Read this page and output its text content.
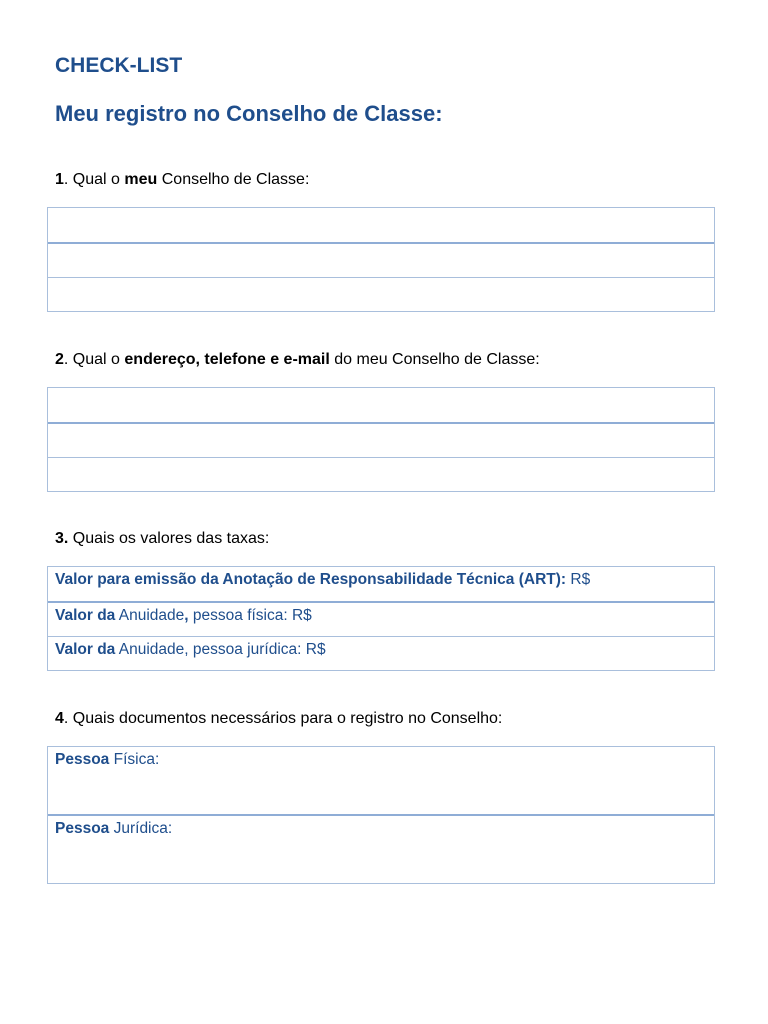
CHECK-LIST
Meu registro no Conselho de Classe:
1. Qual o meu Conselho de Classe:
2. Qual o endereço, telefone e e-mail do meu Conselho de Classe:
3. Quais os valores das taxas:
Valor para emissão da Anotação de Responsabilidade Técnica (ART): R$
Valor da Anuidade, pessoa física: R$
Valor da Anuidade, pessoa jurídica: R$
4. Quais documentos necessários para o registro no Conselho:
Pessoa Física:
Pessoa Jurídica:
